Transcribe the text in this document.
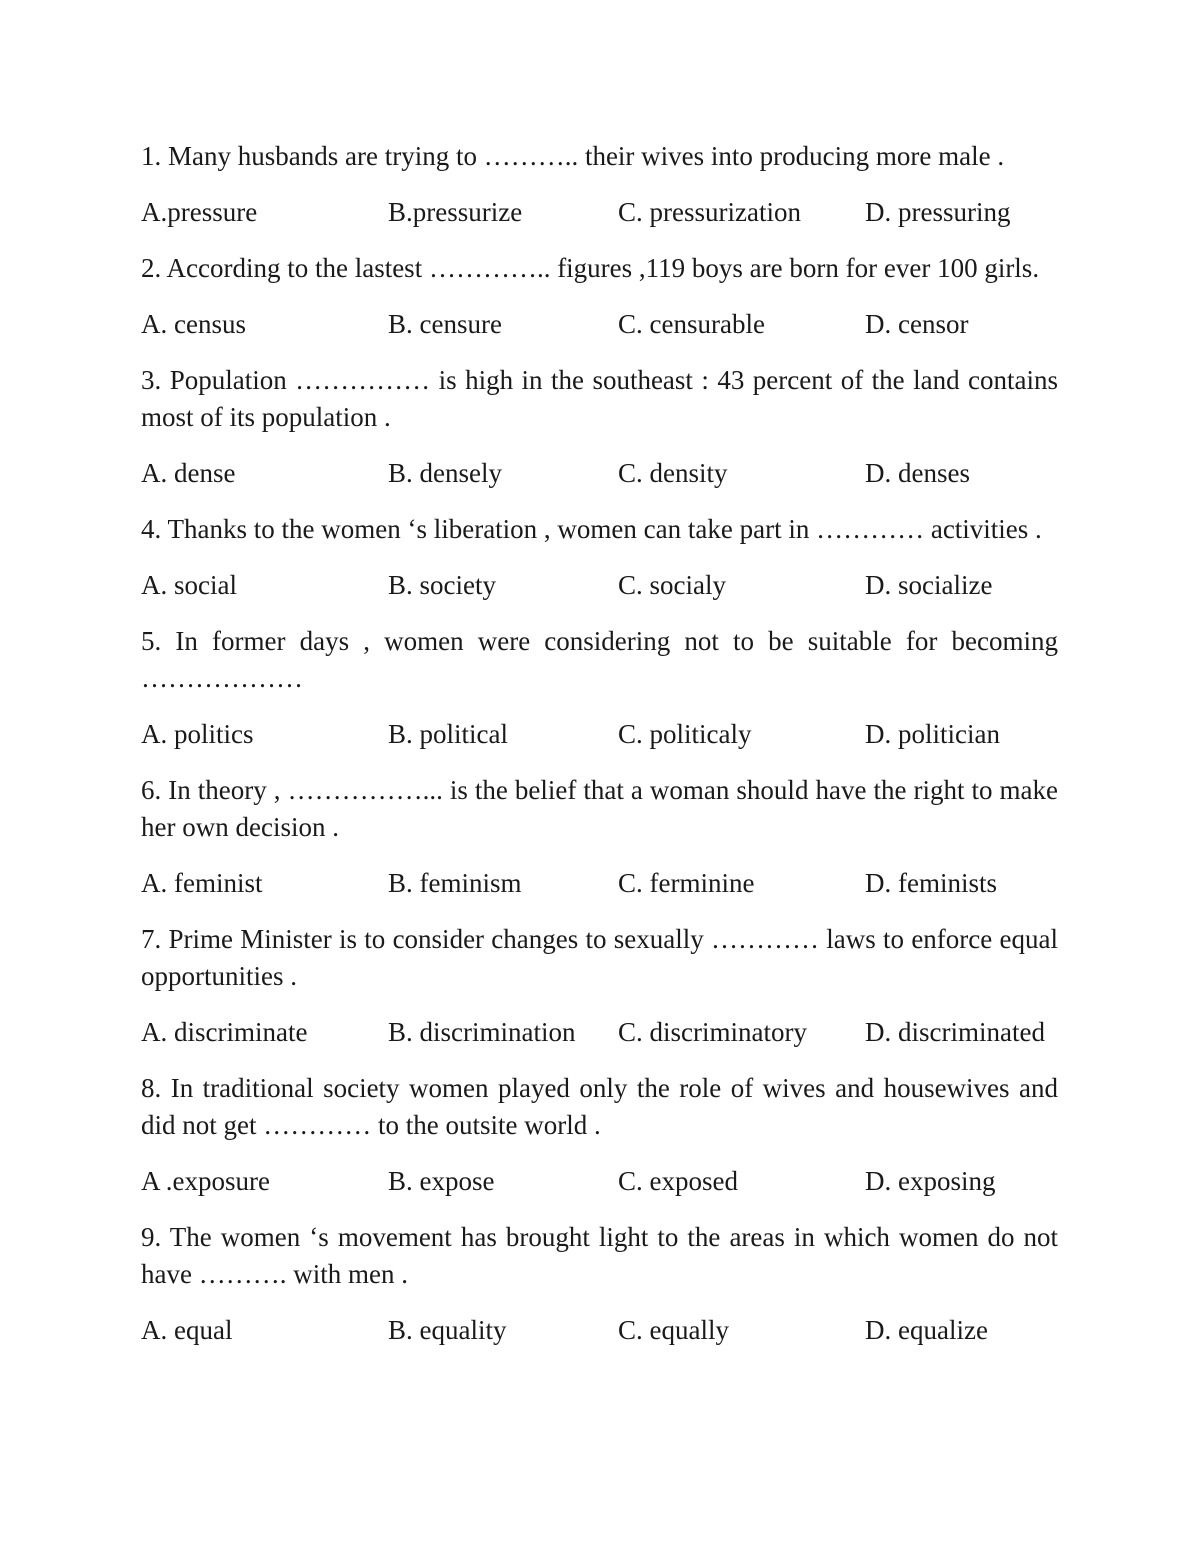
1. Many husbands are trying to ……….. their wives into producing more male .

A.pressure	B.pressurize	C. pressurization D. pressuring

2. According to the lastest ………….. figures ,119 boys are born for ever 100 girls.

A. census	B. censure	C. censurable	D. censor

3. Population …………… is high in the southeast : 43 percent of the land contains most of its population .

A. dense	B. densely	C. density	D. denses

4. Thanks to the women ‘s liberation , women can take part in ………… activities .

A. social	B. society	C. socialy	D. socialize

5. In former days , women were considering not to be suitable for becoming ………………

A. politics	B. political	C. politicaly	D. politician

6. In theory , ……………... is the belief that a woman should have the right to make her own decision .

A. feminist	B. feminism	C. ferminine	D. feminists

7. Prime Minister is to consider changes to sexually ………… laws to enforce equal opportunities .

A. discriminate	B. discrimination C. discriminatory D. discriminated

8. In traditional society women played only the role of wives and housewives and did not get ………… to the outsite world .

A .exposure	B. expose	C. exposed	D. exposing

9. The women ‘s movement has brought light to the areas in which women do not have ………. with men .

A. equal	B. equality	C. equally	D. equalize
